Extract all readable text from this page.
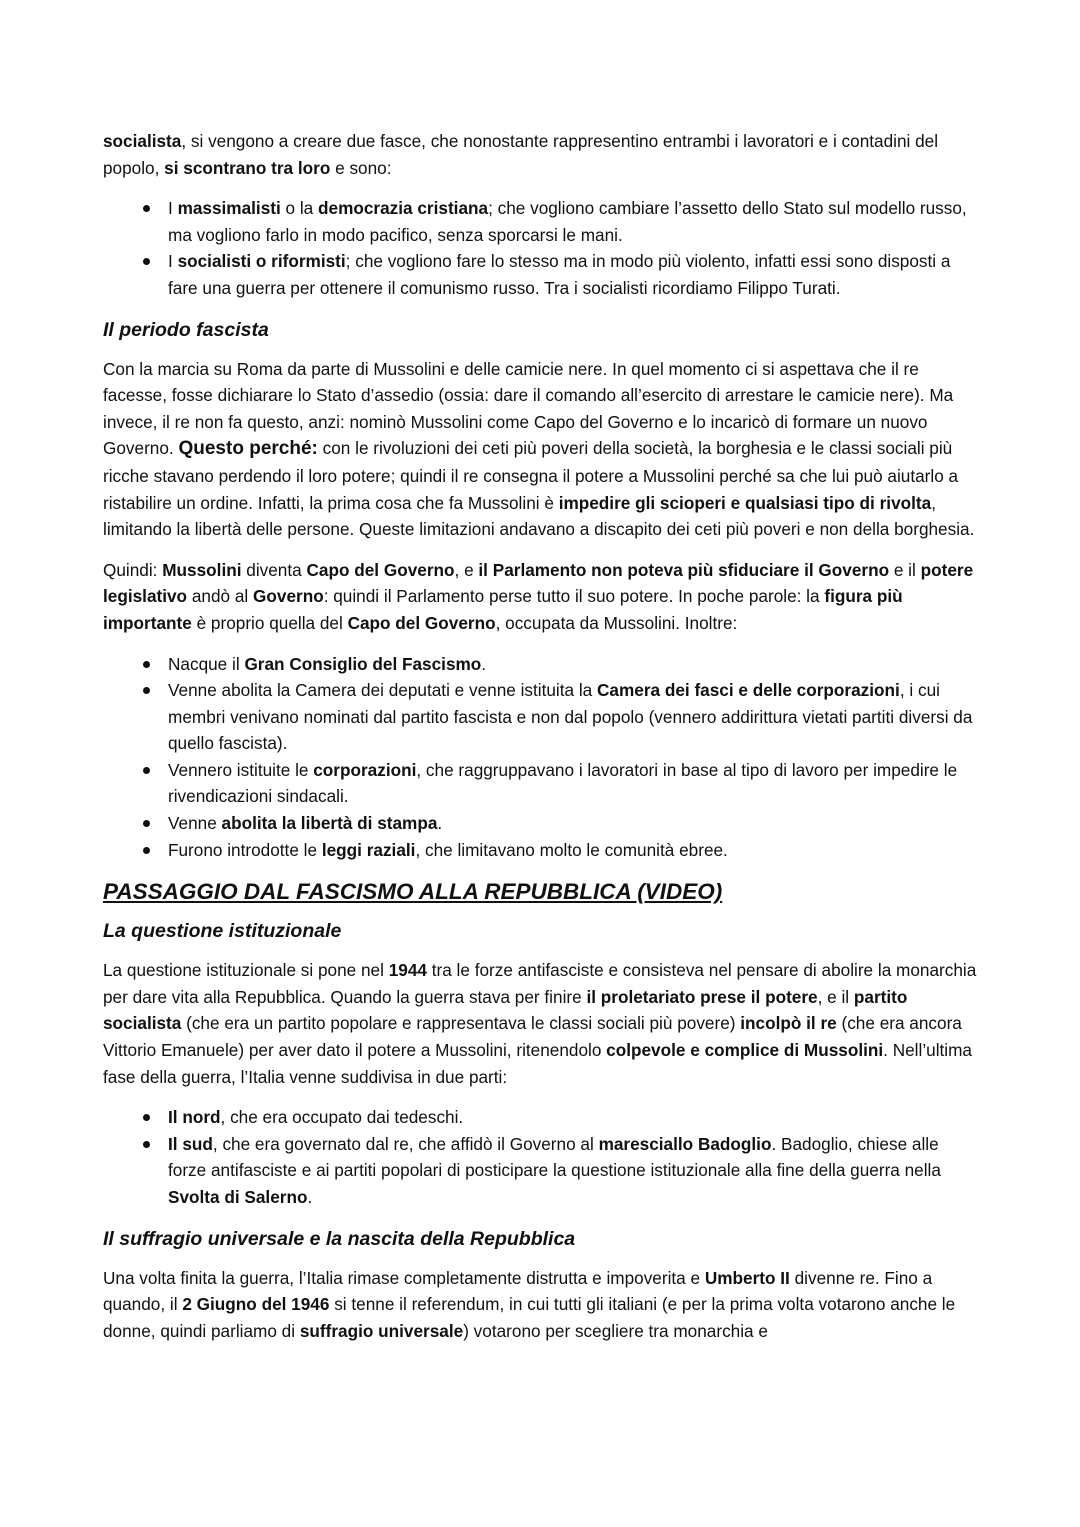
socialista, si vengono a creare due fasce, che nonostante rappresentino entrambi i lavoratori e i contadini del popolo, si scontrano tra loro e sono:

I massimalisti o la democrazia cristiana; che vogliono cambiare l’assetto dello Stato sul modello russo, ma vogliono farlo in modo pacifico, senza sporcarsi le mani.
I socialisti o riformisti; che vogliono fare lo stesso ma in modo più violento, infatti essi sono disposti a fare una guerra per ottenere il comunismo russo. Tra i socialisti ricordiamo Filippo Turati.
Il periodo fascista

Con la marcia su Roma da parte di Mussolini e delle camicie nere. In quel momento ci si aspettava che il re facesse, fosse dichiarare lo Stato d’assedio (ossia: dare il comando all’esercito di arrestare le camicie nere). Ma invece, il re non fa questo, anzi: nominò Mussolini come Capo del Governo e lo incaricò di formare un nuovo Governo. Questo perché: con le rivoluzioni dei ceti più poveri della società, la borghesia e le classi sociali più ricche stavano perdendo il loro potere; quindi il re consegna il potere a Mussolini perché sa che lui può aiutarlo a ristabilire un ordine. Infatti, la prima cosa che fa Mussolini è impedire gli scioperi e qualsiasi tipo di rivolta, limitando la libertà delle persone. Queste limitazioni andavano a discapito dei ceti più poveri e non della borghesia.

Quindi: Mussolini diventa Capo del Governo, e il Parlamento non poteva più sfiduciare il Governo e il potere legislativo andò al Governo: quindi il Parlamento perse tutto il suo potere. In poche parole: la figura più importante è proprio quella del Capo del Governo, occupata da Mussolini. Inoltre:

Nacque il Gran Consiglio del Fascismo.
Venne abolita la Camera dei deputati e venne istituita la Camera dei fasci e delle corporazioni, i cui membri venivano nominati dal partito fascista e non dal popolo (vennero addirittura vietati partiti diversi da quello fascista).
Vennero istituite le corporazioni, che raggruppavano i lavoratori in base al tipo di lavoro per impedire le rivendicazioni sindacali.
Venne abolita la libertà di stampa.
Furono introdotte le leggi raziali, che limitavano molto le comunità ebree.
PASSAGGIO DAL FASCISMO ALLA REPUBBLICA (VIDEO)
La questione istituzionale

La questione istituzionale si pone nel 1944 tra le forze antifasciste e consisteva nel pensare di abolire la monarchia per dare vita alla Repubblica. Quando la guerra stava per finire il proletariato prese il potere, e il partito socialista (che era un partito popolare e rappresentava le classi sociali più povere) incolpò il re (che era ancora Vittorio Emanuele) per aver dato il potere a Mussolini, ritenendolo colpevole e complice di Mussolini. Nell’ultima fase della guerra, l’Italia venne suddivisa in due parti:

Il nord, che era occupato dai tedeschi.
Il sud, che era governato dal re, che affidò il Governo al maresciallo Badoglio. Badoglio, chiese alle forze antifasciste e ai partiti popolari di posticipare la questione istituzionale alla fine della guerra nella Svolta di Salerno.
Il suffragio universale e la nascita della Repubblica

Una volta finita la guerra, l’Italia rimase completamente distrutta e impoverita e Umberto II divenne re. Fino a quando, il 2 Giugno del 1946 si tenne il referendum, in cui tutti gli italiani (e per la prima volta votarono anche le donne, quindi parliamo di suffragio universale) votarono per scegliere tra monarchia e
